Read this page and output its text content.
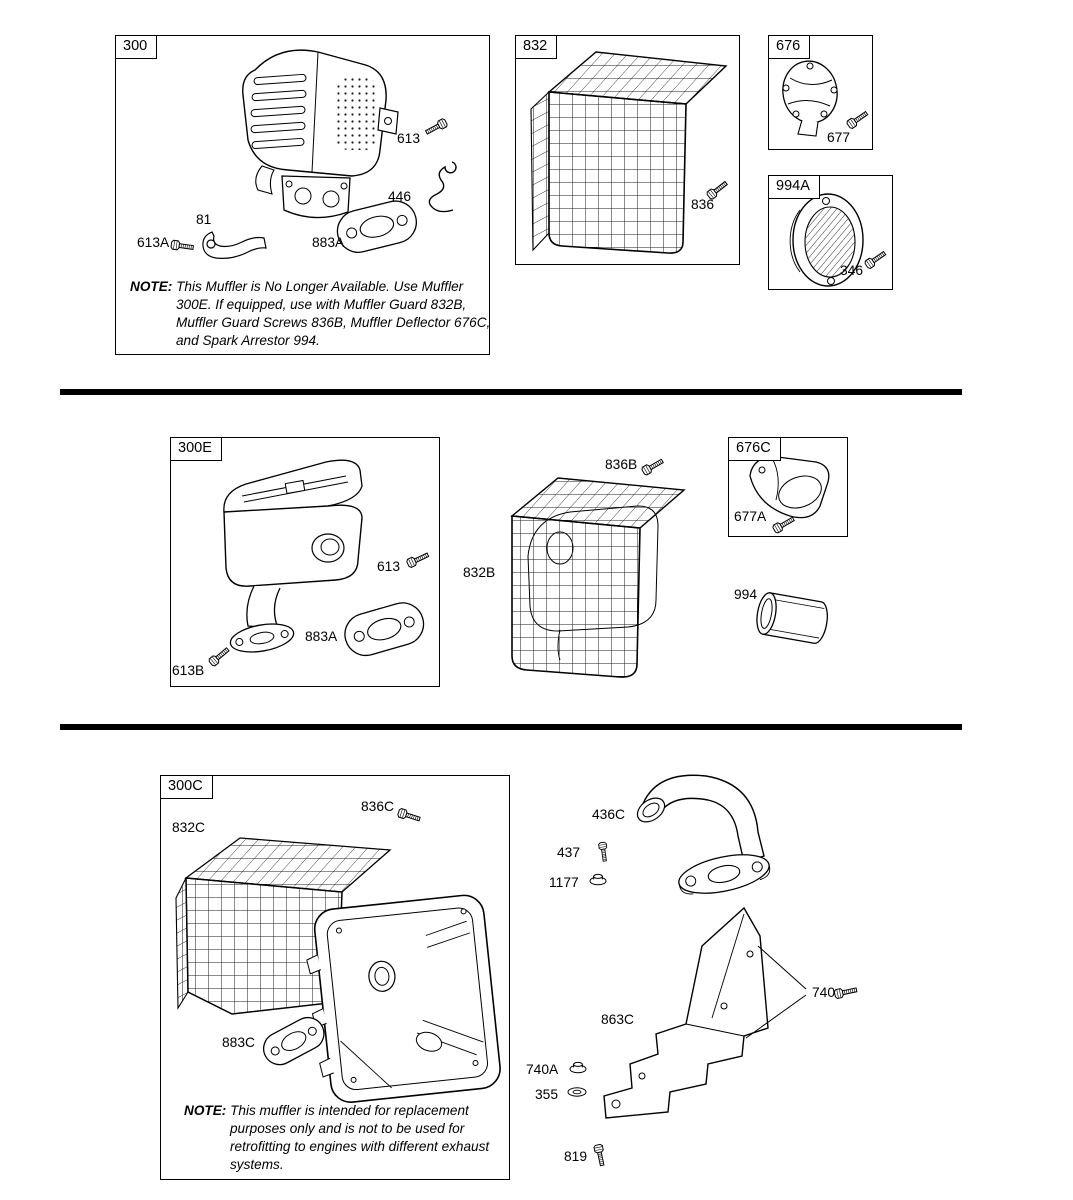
300
NOTE: This Muffler is No Longer Available. Use Muffler 300E. If equipped, use with Muffler Guard 832B, Muffler Guard Screws 836B, Muffler Deflector 676C, and Spark Arrestor 994.
832	676
994A
300E	676C
300C
NOTE: This muffler is intended for replacement purposes only and is not to be used for retrofitting to engines with different exhaust systems.
613
446
81
613A	883A
836
677
346
613
883A
613B
836B
832B
677A
994
836C
832C
883C
436C
437
1177
863C
740
740A
355
819
